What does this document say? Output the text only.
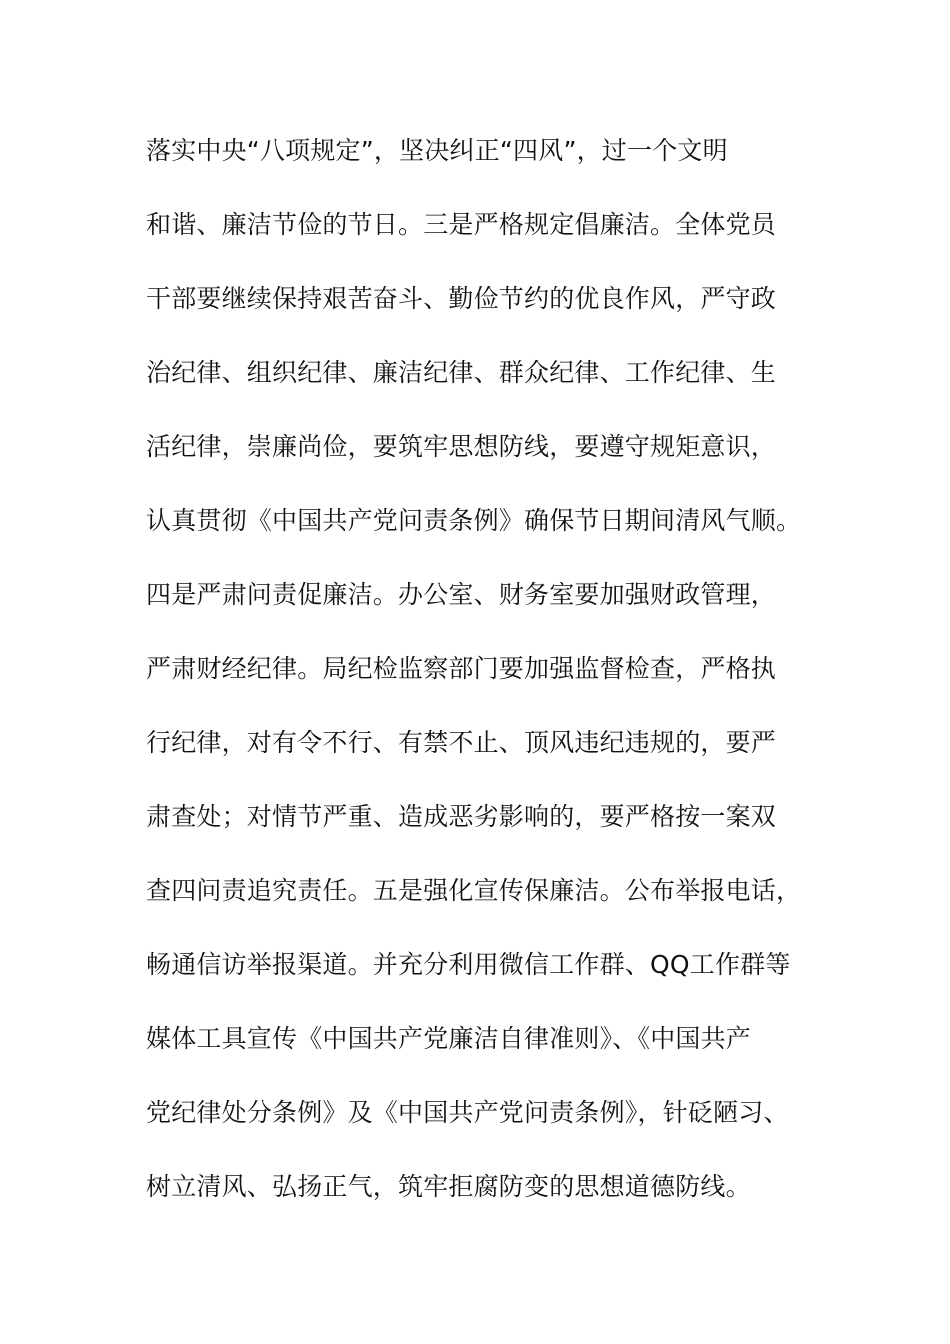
落实中央“八项规定”，坚决纠正“四风”，过一个文明
和谐、廉洁节俭的节日。三是严格规定倡廉洁。全体党员
干部要继续保持艰苦奋斗、勤俭节约的优良作风，严守政
治纪律、组织纪律、廉洁纪律、群众纪律、工作纪律、生
活纪律，崇廉尚俭，要筑牢思想防线，要遵守规矩意识，
认真贯彻《中国共产党问责条例》确保节日期间清风气顺。
四是严肃问责促廉洁。办公室、财务室要加强财政管理，
严肃财经纪律。局纪检监察部门要加强监督检查，严格执
行纪律，对有令不行、有禁不止、顶风违纪违规的，要严
肃查处；对情节严重、造成恶劣影响的，要严格按一案双
查四问责追究责任。五是强化宣传保廉洁。公布举报电话，
畅通信访举报渠道。并充分利用微信工作群、QQ工作群等
媒体工具宣传《中国共产党廉洁自律准则》、《中国共产
党纪律处分条例》及《中国共产党问责条例》，针砭陋习、
树立清风、弘扬正气，筑牢拒腐防变的思想道德防线。
